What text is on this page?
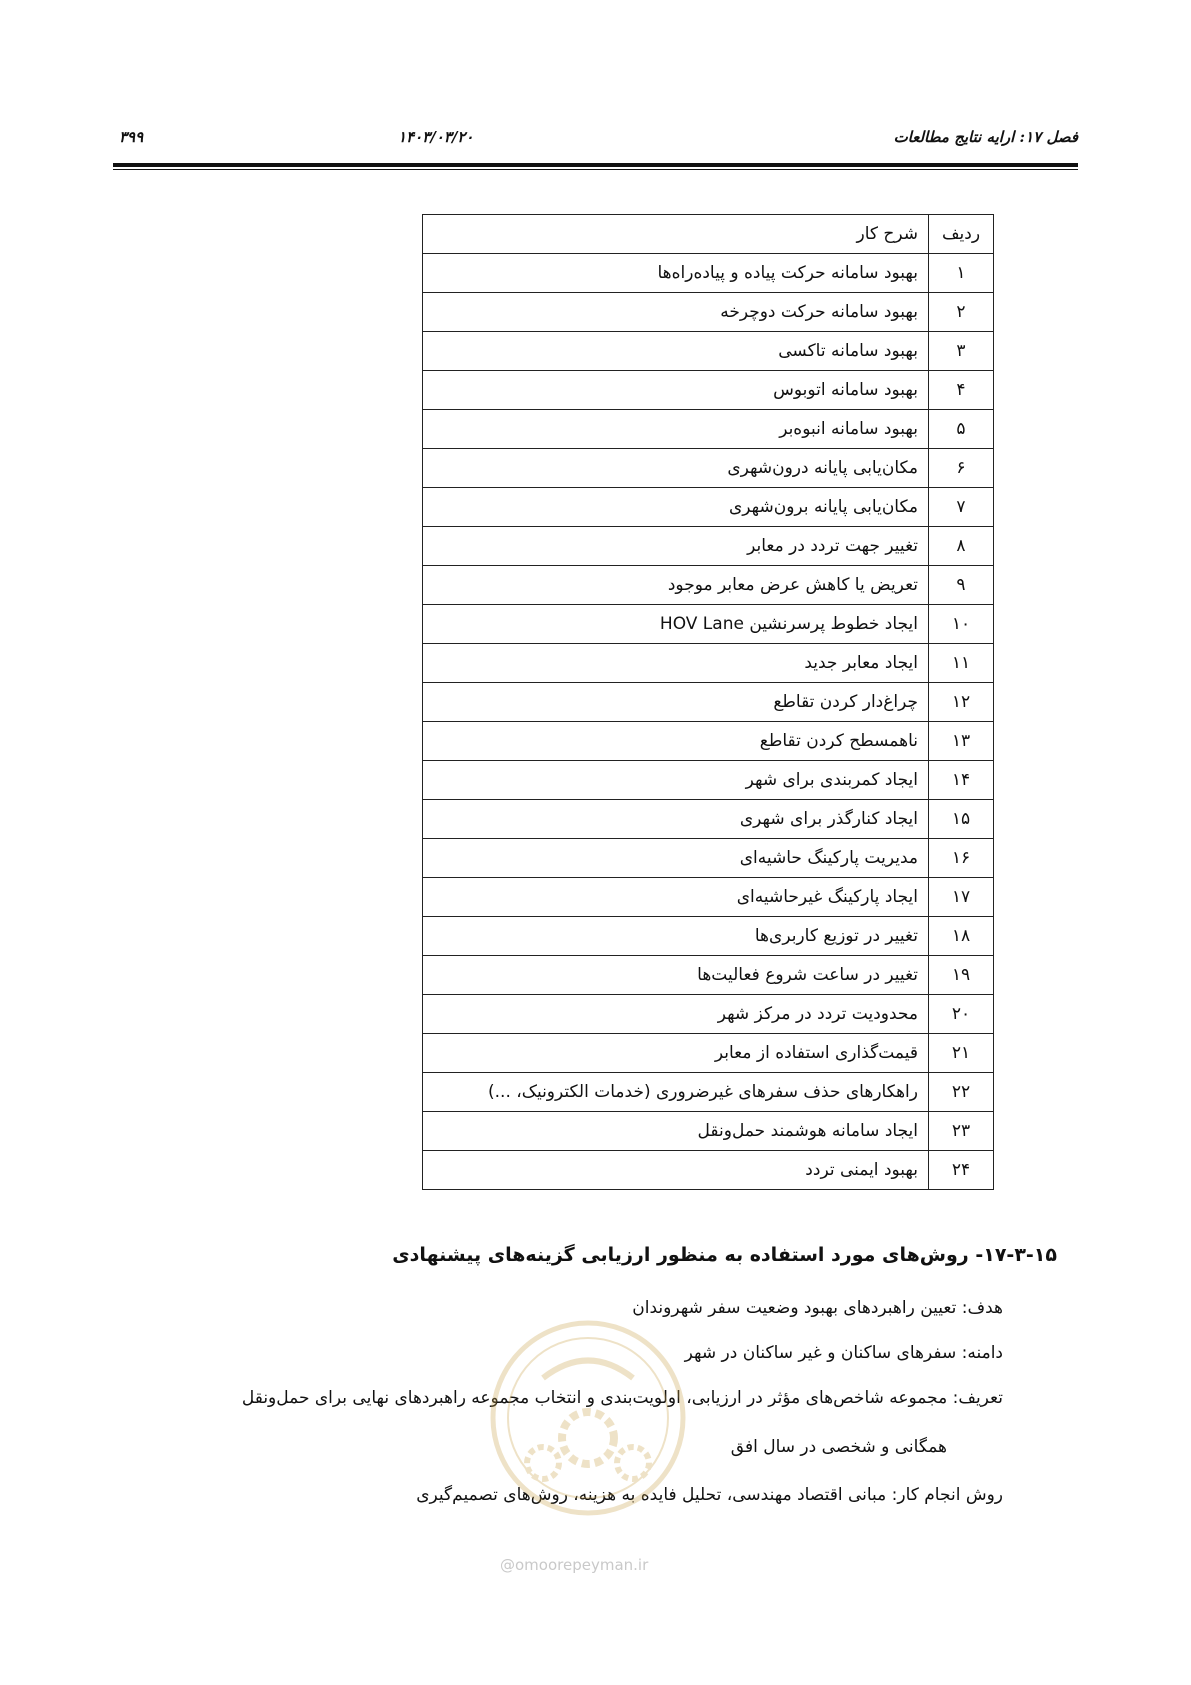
فصل ۱۷: ارایه نتایج مطالعات
۱۴۰۳/۰۳/۲۰
۳۹۹
ردیف	شرح کار
۱	بهبود سامانه حرکت پیاده و پیاده‌راه‌ها
۲	بهبود سامانه حرکت دوچرخه
۳	بهبود سامانه تاکسی
۴	بهبود سامانه اتوبوس
۵	بهبود سامانه انبوه‌بر
۶	مکان‌یابی پایانه درون‌شهری
۷	مکان‌یابی پایانه برون‌شهری
۸	تغییر جهت تردد در معابر
۹	تعریض یا کاهش عرض معابر موجود
۱۰	ایجاد خطوط پرسرنشین HOV Lane
۱۱	ایجاد معابر جدید
۱۲	چراغ‌دار کردن تقاطع
۱۳	ناهمسطح کردن تقاطع
۱۴	ایجاد کمربندی برای شهر
۱۵	ایجاد کنارگذر برای شهری
۱۶	مدیریت پارکینگ حاشیه‌ای
۱۷	ایجاد پارکینگ غیرحاشیه‌ای
۱۸	تغییر در توزیع کاربری‌ها
۱۹	تغییر در ساعت شروع فعالیت‌ها
۲۰	محدودیت تردد در مرکز شهر
۲۱	قیمت‌گذاری استفاده از معابر
۲۲	راهکارهای حذف سفرهای غیرضروری (خدمات الکترونیک، ...)
۲۳	ایجاد سامانه هوشمند حمل‌ونقل
۲۴	بهبود ایمنی تردد
۱۷-۳-۱۵- روش‌های مورد استفاده به منظور ارزیابی گزینه‌های پیشنهادی
هدف: تعیین راهبردهای بهبود وضعیت سفر شهروندان
دامنه: سفرهای ساکنان و غیر ساکنان در شهر
تعریف: مجموعه شاخص‌های مؤثر در ارزیابی، اولویت‌بندی و انتخاب مجموعه راهبردهای نهایی برای حمل‌ونقل
همگانی و شخصی در سال افق
روش انجام کار: مبانی اقتصاد مهندسی، تحلیل فایده به هزینه، روش‌های تصمیم‌گیری
@omoorepeyman.ir
